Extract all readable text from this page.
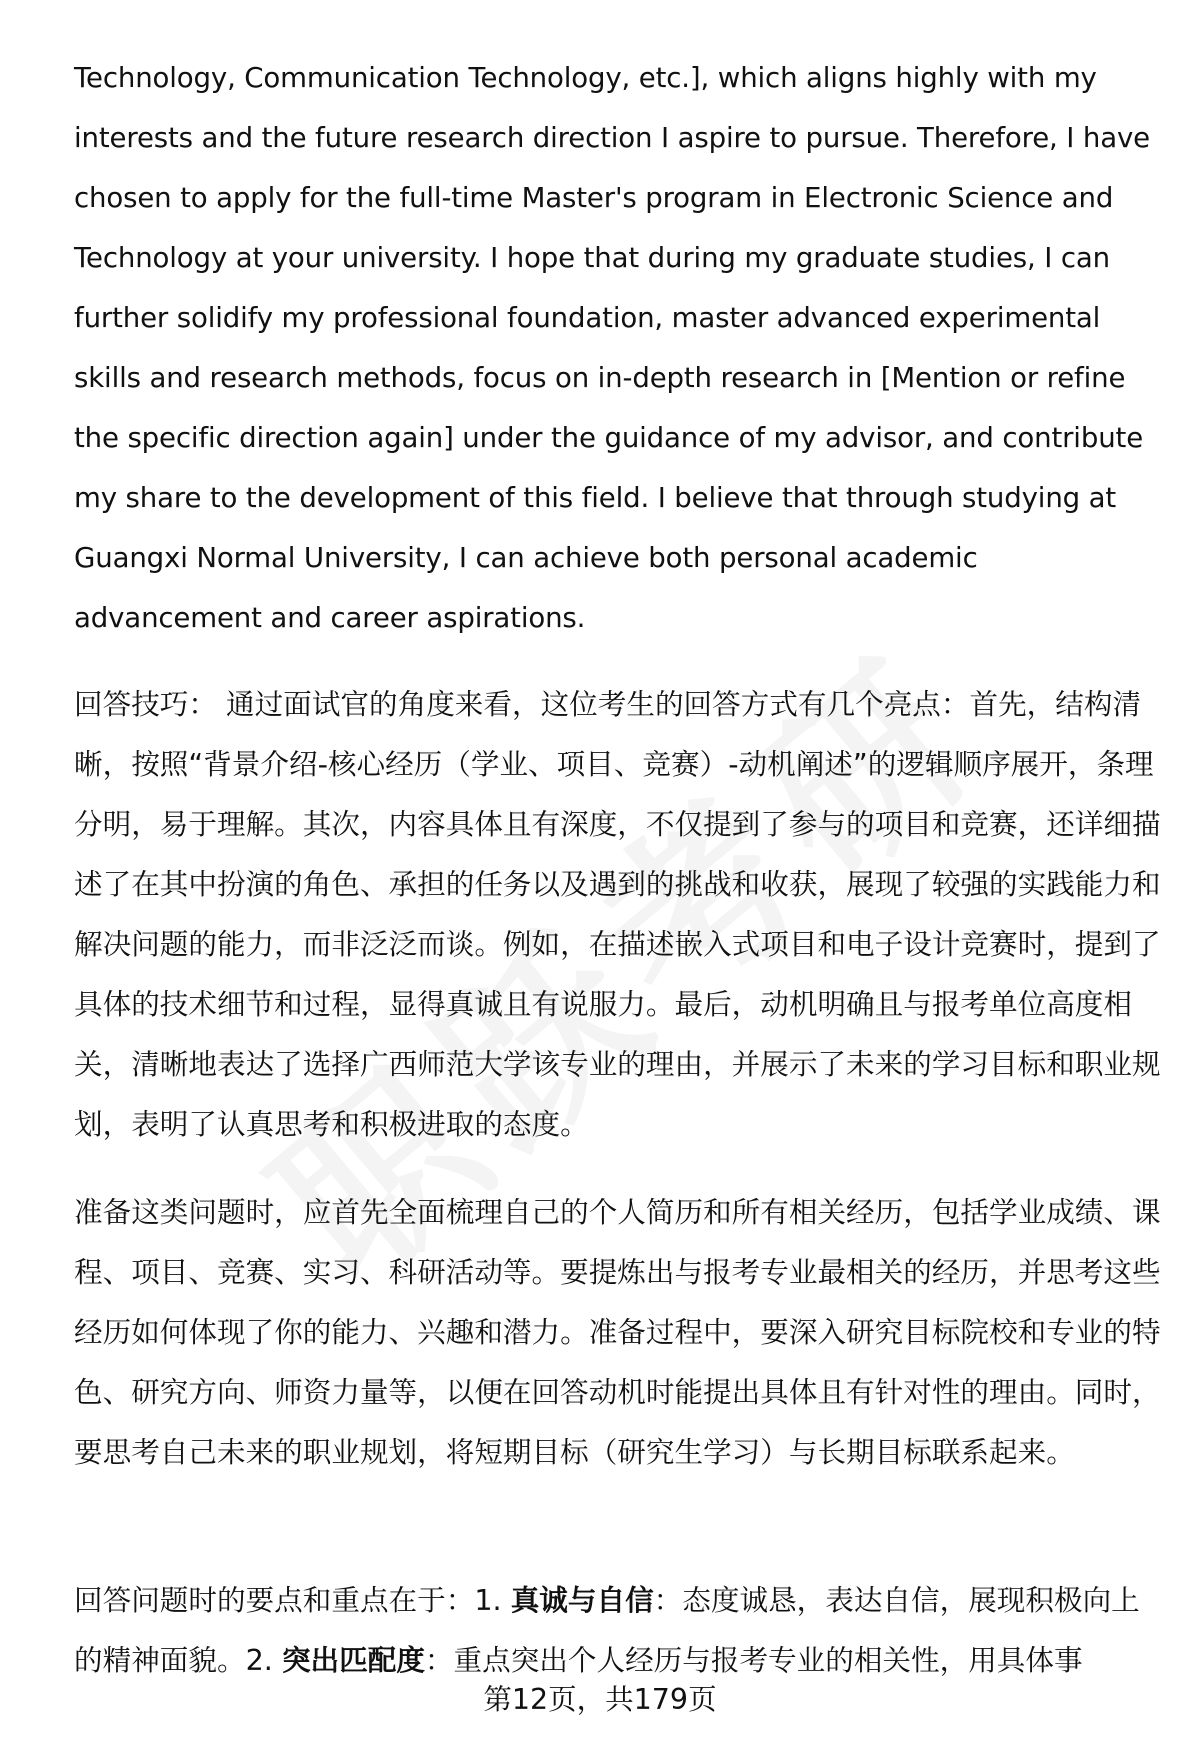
Technology, Communication Technology, etc.], which aligns highly with my interests and the future research direction I aspire to pursue. Therefore, I have chosen to apply for the full-time Master's program in Electronic Science and Technology at your university. I hope that during my graduate studies, I can further solidify my professional foundation, master advanced experimental skills and research methods, focus on in-depth research in [Mention or refine the specific direction again] under the guidance of my advisor, and contribute my share to the development of this field. I believe that through studying at Guangxi Normal University, I can achieve both personal academic advancement and career aspirations.

回答技巧： 通过面试官的角度来看，这位考生的回答方式有几个亮点：首先，结构清晰，按照“背景介绍-核心经历（学业、项目、竞赛）-动机阐述”的逻辑顺序展开，条理分明，易于理解。其次，内容具体且有深度，不仅提到了参与的项目和竞赛，还详细描述了在其中扮演的角色、承担的任务以及遇到的挑战和收获，展现了较强的实践能力和解决问题的能力，而非泛泛而谈。例如，在描述嵌入式项目和电子设计竞赛时，提到了具体的技术细节和过程，显得真诚且有说服力。最后，动机明确且与报考单位高度相关，清晰地表达了选择广西师范大学该专业的理由，并展示了未来的学习目标和职业规划，表明了认真思考和积极进取的态度。

准备这类问题时，应首先全面梳理自己的个人简历和所有相关经历，包括学业成绩、课程、项目、竞赛、实习、科研活动等。要提炼出与报考专业最相关的经历，并思考这些经历如何体现了你的能力、兴趣和潜力。准备过程中，要深入研究目标院校和专业的特色、研究方向、师资力量等，以便在回答动机时能提出具体且有针对性的理由。同时，要思考自己未来的职业规划，将短期目标（研究生学习）与长期目标联系起来。

回答问题时的要点和重点在于：1. 真诚与自信：态度诚恳，表达自信，展现积极向上的精神面貌。2. 突出匹配度：重点突出个人经历与报考专业的相关性，用具体事

第12页，共179页
